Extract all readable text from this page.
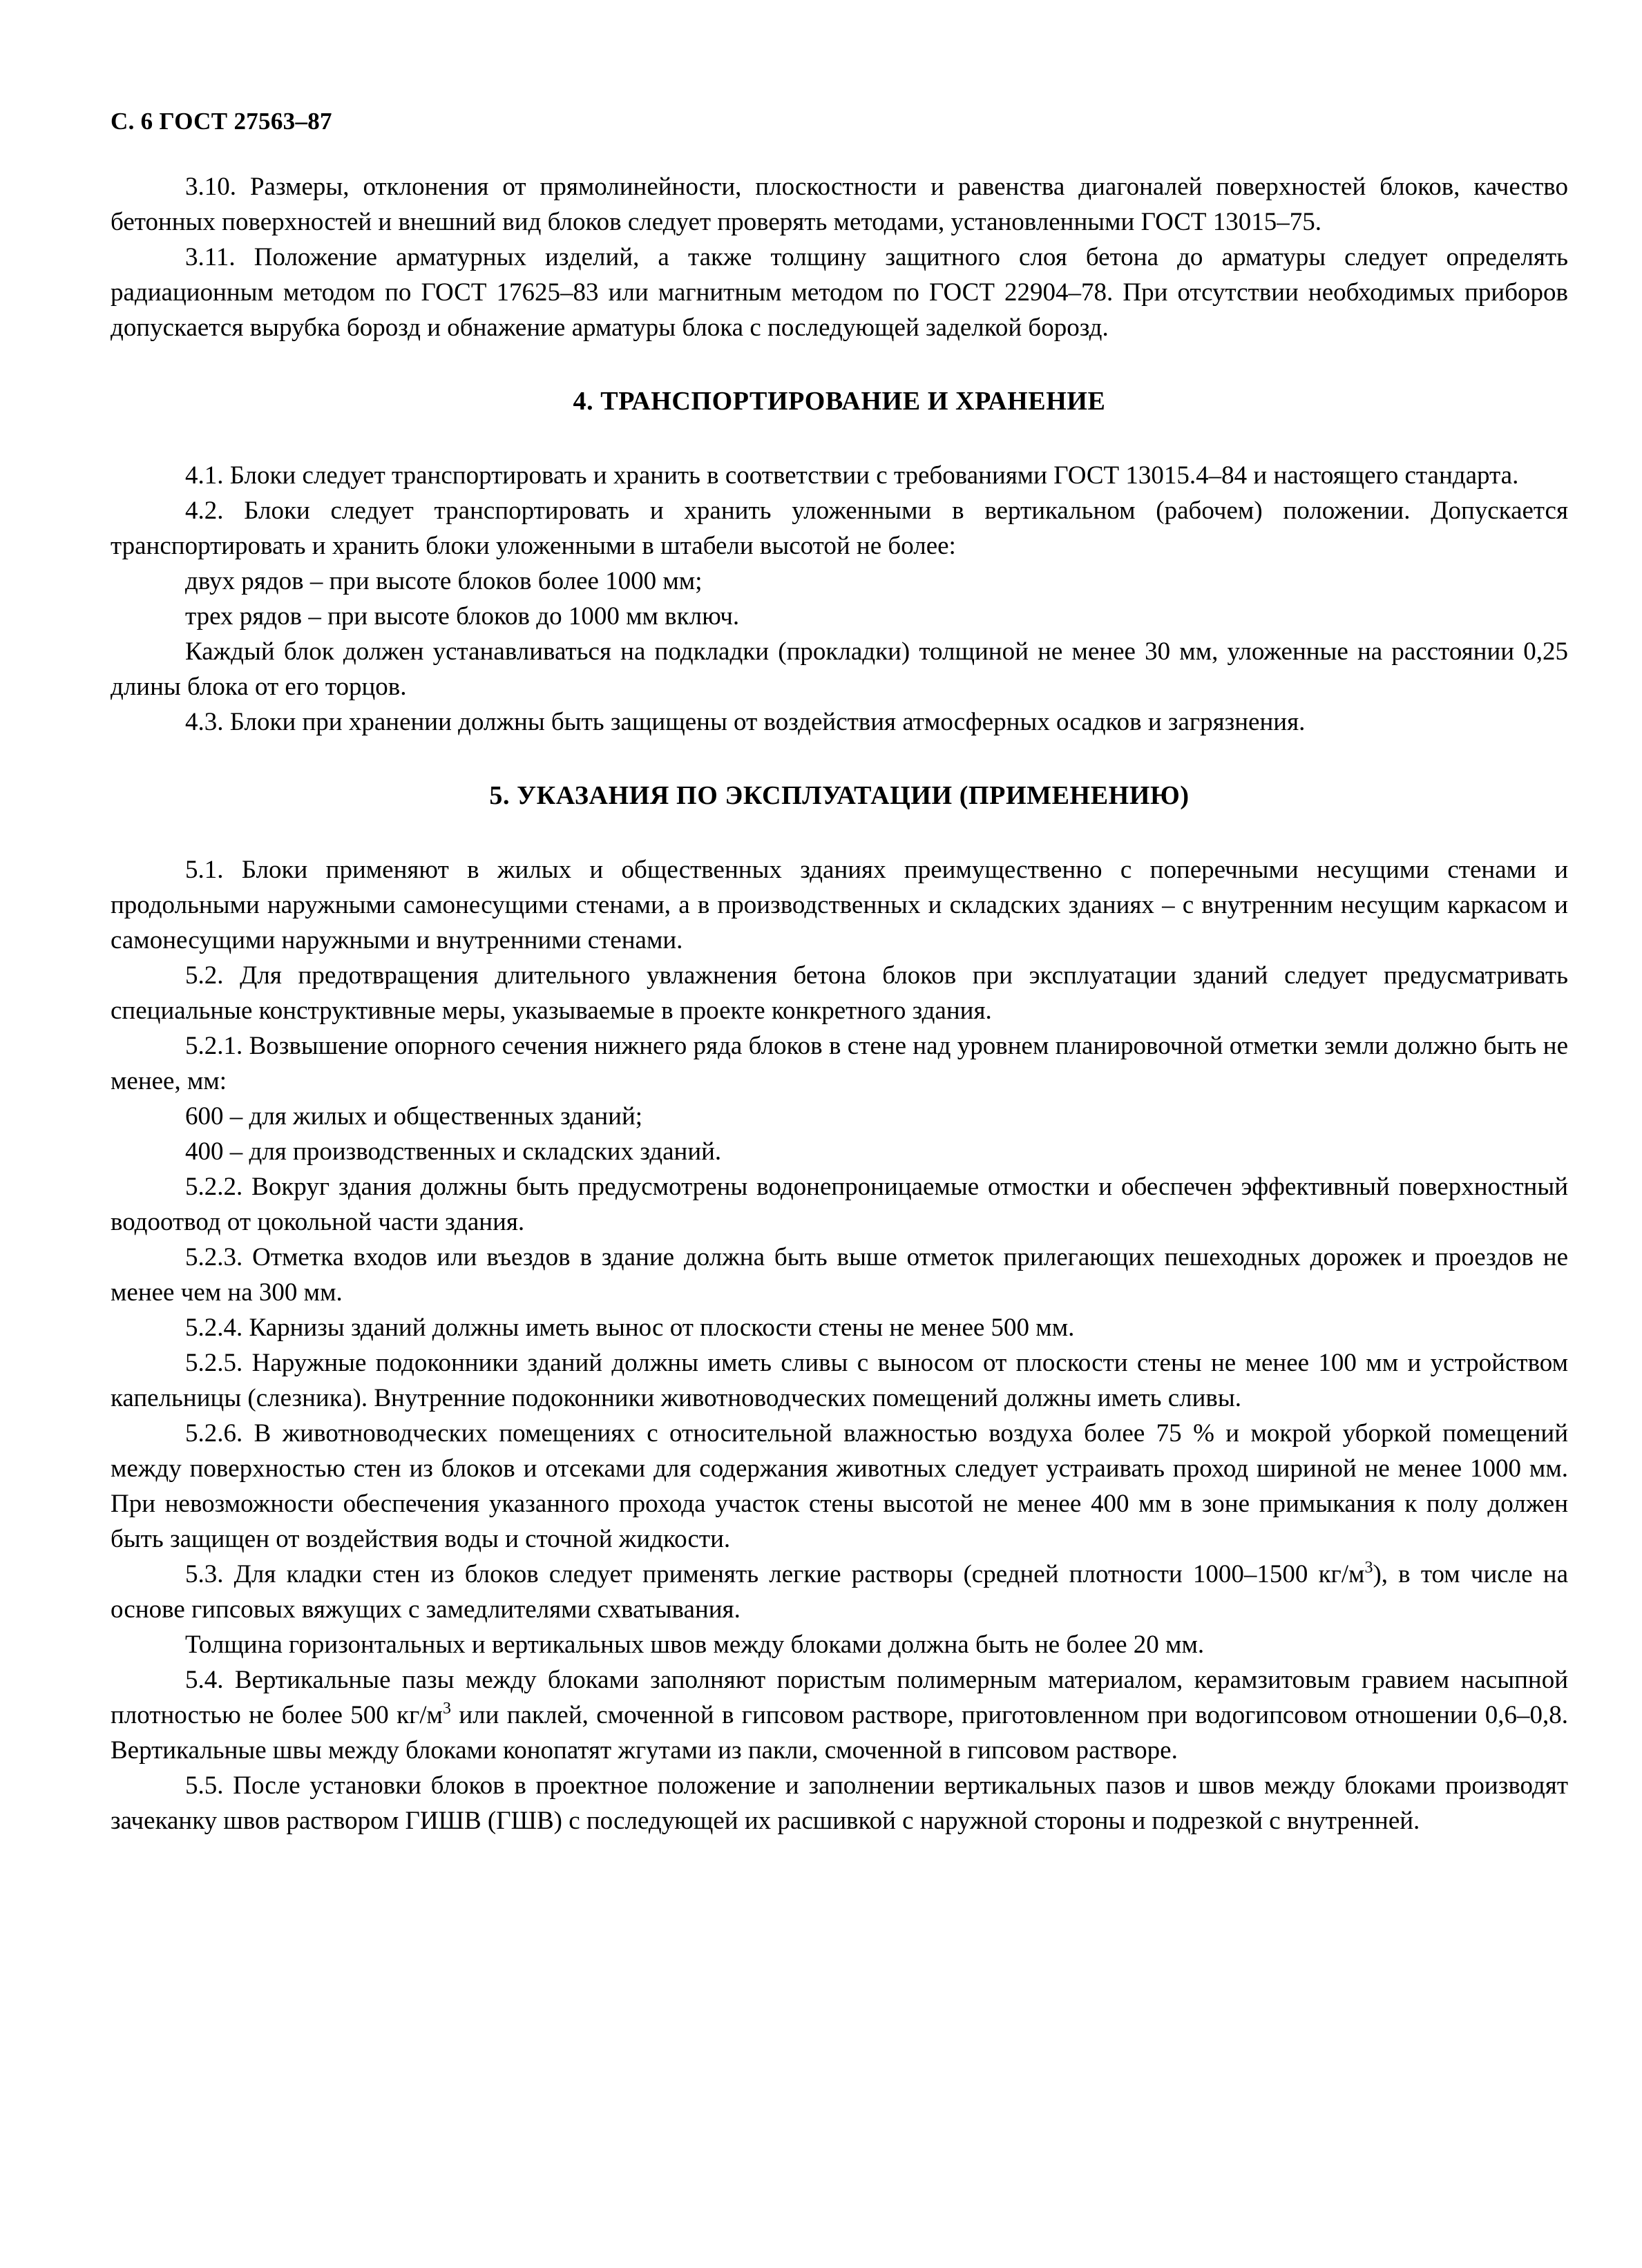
С. 6 ГОСТ 27563–87

3.10. Размеры, отклонения от прямолинейности, плоскостности и равенства диагоналей поверхностей блоков, качество бетонных поверхностей и внешний вид блоков следует проверять методами, установленными ГОСТ 13015–75.

3.11. Положение арматурных изделий, а также толщину защитного слоя бетона до арматуры следует определять радиационным методом по ГОСТ 17625–83 или магнитным методом по ГОСТ 22904–78. При отсутствии необходимых приборов допускается вырубка борозд и обнажение арматуры блока с последующей заделкой борозд.

4. ТРАНСПОРТИРОВАНИЕ И ХРАНЕНИЕ

4.1. Блоки следует транспортировать и хранить в соответствии с требованиями ГОСТ 13015.4–84 и настоящего стандарта.

4.2. Блоки следует транспортировать и хранить уложенными в вертикальном (рабочем) положении. Допускается транспортировать и хранить блоки уложенными в штабели высотой не более:

двух рядов – при высоте блоков более 1000 мм;

трех рядов – при высоте блоков до 1000 мм включ.

Каждый блок должен устанавливаться на подкладки (прокладки) толщиной не менее 30 мм, уложенные на расстоянии 0,25 длины блока от его торцов.

4.3. Блоки при хранении должны быть защищены от воздействия атмосферных осадков и загрязнения.

5. УКАЗАНИЯ ПО ЭКСПЛУАТАЦИИ (ПРИМЕНЕНИЮ)

5.1. Блоки применяют в жилых и общественных зданиях преимущественно с поперечными несущими стенами и продольными наружными самонесущими стенами, а в производственных и складских зданиях – с внутренним несущим каркасом и самонесущими наружными и внутренними стенами.

5.2. Для предотвращения длительного увлажнения бетона блоков при эксплуатации зданий следует предусматривать специальные конструктивные меры, указываемые в проекте конкретного здания.

5.2.1. Возвышение опорного сечения нижнего ряда блоков в стене над уровнем планировочной отметки земли должно быть не менее, мм:

600 – для жилых и общественных зданий;

400 – для производственных и складских зданий.

5.2.2. Вокруг здания должны быть предусмотрены водонепроницаемые отмостки и обеспечен эффективный поверхностный водоотвод от цокольной части здания.

5.2.3. Отметка входов или въездов в здание должна быть выше отметок прилегающих пешеходных дорожек и проездов не менее чем на 300 мм.

5.2.4. Карнизы зданий должны иметь вынос от плоскости стены не менее 500 мм.

5.2.5. Наружные подоконники зданий должны иметь сливы с выносом от плоскости стены не менее 100 мм и устройством капельницы (слезника). Внутренние подоконники животноводческих помещений должны иметь сливы.

5.2.6. В животноводческих помещениях с относительной влажностью воздуха более 75 % и мокрой уборкой помещений между поверхностью стен из блоков и отсеками для содержания животных следует устраивать проход шириной не менее 1000 мм. При невозможности обеспечения указанного прохода участок стены высотой не менее 400 мм в зоне примыкания к полу должен быть защищен от воздействия воды и сточной жидкости.

5.3. Для кладки стен из блоков следует применять легкие растворы (средней плотности 1000–1500 $кг/м^3$), в том числе на основе гипсовых вяжущих с замедлителями схватывания.

Толщина горизонтальных и вертикальных швов между блоками должна быть не более 20 мм.

5.4. Вертикальные пазы между блоками заполняют пористым полимерным материалом, керамзитовым гравием насыпной плотностью не более 500 $кг/м^3$ или паклей, смоченной в гипсовом растворе, приготовленном при водогипсовом отношении 0,6–0,8. Вертикальные швы между блоками конопатят жгутами из пакли, смоченной в гипсовом растворе.

5.5. После установки блоков в проектное положение и заполнении вертикальных пазов и швов между блоками производят зачеканку швов раствором ГИШВ (ГШВ) с последующей их расшивкой с наружной стороны и подрезкой с внутренней.
